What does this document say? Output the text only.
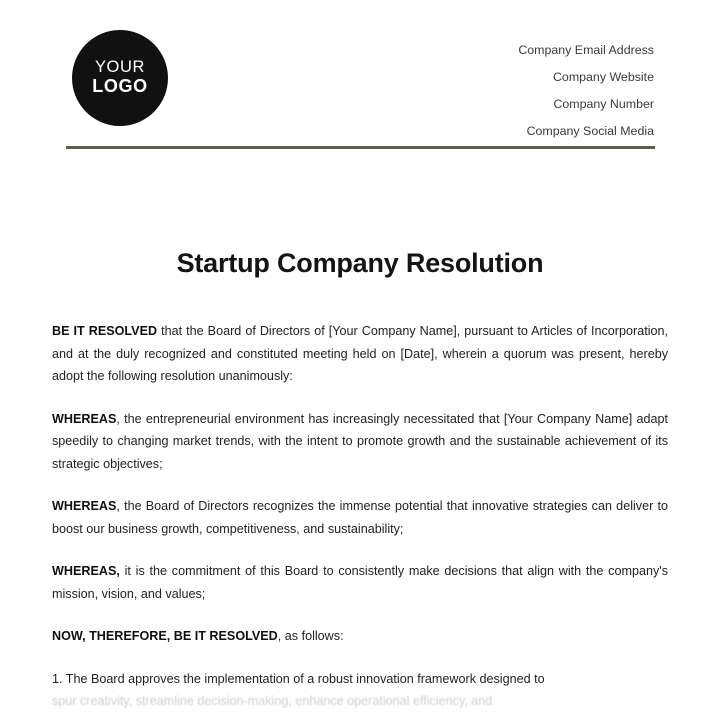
YOUR
LOGO
Company Email Address
Company Website
Company Number
Company Social Media
Startup Company Resolution

BE IT RESOLVED that the Board of Directors of [Your Company Name], pursuant to Articles of Incorporation, and at the duly recognized and constituted meeting held on [Date], wherein a quorum was present, hereby adopt the following resolution unanimously:

WHEREAS, the entrepreneurial environment has increasingly necessitated that [Your Company Name] adapt speedily to changing market trends, with the intent to promote growth and the sustainable achievement of its strategic objectives;

WHEREAS, the Board of Directors recognizes the immense potential that innovative strategies can deliver to boost our business growth, competitiveness, and sustainability;

WHEREAS, it is the commitment of this Board to consistently make decisions that align with the company's mission, vision, and values;

NOW, THEREFORE, BE IT RESOLVED, as follows:

1. The Board approves the implementation of a robust innovation framework designed to
spur creativity, streamline decision-making, enhance operational efficiency, and
